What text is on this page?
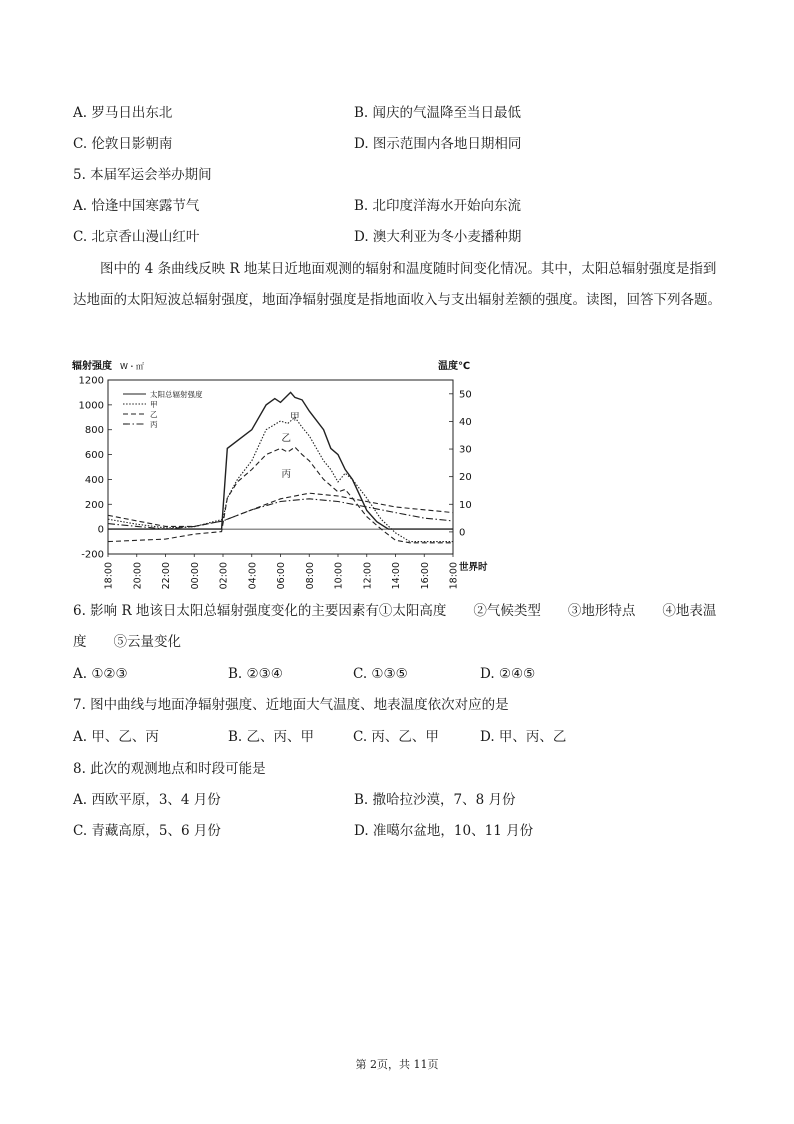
A. 罗马日出东北	B. 闻庆的气温降至当日最低
C. 伦敦日影朝南	D. 图示范围内各地日期相同
5. 本届军运会举办期间
A. 恰逢中国寒露节气	B. 北印度洋海水开始向东流
C. 北京香山漫山红叶	D. 澳大利亚为冬小麦播种期
图中的 4 条曲线反映 R 地某日近地面观测的辐射和温度随时间变化情况。其中，太阳总辐射强度是指到达地面的太阳短波总辐射强度，地面净辐射强度是指地面收入与支出辐射差额的强度。读图，回答下列各题。
1200
1000
800
600
400
200
0
-200
50
40
30
20
10
0
18:00 20:00 22:00 00:00 02:00 04:00 06:00 08:00 10:00 12:00 14:00 16:00 18:00
辐射强度 W・㎡	温度℃
世界时
太阳总辐射强度
甲
乙
丙
甲
乙
丙
6. 影响 R 地该日太阳总辐射强度变化的主要因素有①太阳高度　　②气候类型　　③地形特点　　④地表温度　　⑤云量变化
A. ①②③	B. ②③④	C. ①③⑤	D. ②④⑤
7. 图中曲线与地面净辐射强度、近地面大气温度、地表温度依次对应的是
A. 甲、乙、丙	B. 乙、丙、甲	C. 丙、乙、甲	D. 甲、丙、乙
8. 此次的观测地点和时段可能是
A. 西欧平原，3、4 月份	B. 撒哈拉沙漠，7、8 月份
C. 青藏高原，5、6 月份	D. 准噶尔盆地，10、11 月份
第 2页，共 11页
